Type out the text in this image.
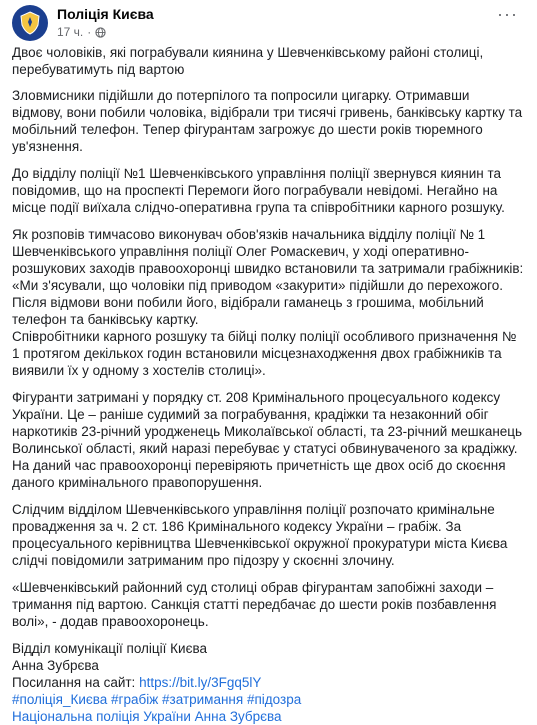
Поліція Києва
17 ч. ·
···

Двоє чоловіків, які пограбували киянина у Шевченківському районі столиці, перебуватимуть під вартою

Зловмисники підійшли до потерпілого та попросили цигарку. Отримавши відмову, вони побили чоловіка, відібрали три тисячі гривень, банківську картку та мобільний телефон. Тепер фігурантам загрожує до шести років тюремного ув'язнення.

До відділу поліції №1 Шевченківського управління поліції звернувся киянин та повідомив, що на проспекті Перемоги його пограбували невідомі. Негайно на місце події виїхала слідчо-оперативна група та співробітники карного розшуку.

Як розповів тимчасово виконувач обов'язків начальника відділу поліції № 1 Шевченківського управління поліції Олег Ромаскевич, у ході оперативно-розшукових заходів правоохоронці швидко встановили та затримали грабіжників:
«Ми з'ясували, що чоловіки під приводом «закурити» підійшли до перехожого. Після відмови вони побили його, відібрали гаманець з грошима, мобільний телефон та банківську картку.
Співробітники карного розшуку та бійці полку поліції особливого призначення № 1 протягом декількох годин встановили місцезнаходження двох грабіжників та виявили їх у одному з хостелів столиці».

Фігуранти затримані у порядку ст. 208 Кримінального процесуального кодексу України. Це – раніше судимий за пограбування, крадіжки та незаконний обіг наркотиків 23-річний уродженець Миколаївської області, та 23-річний мешканець Волинської області, який наразі перебуває у статусі обвинуваченого за крадіжку. На даний час правоохоронці перевіряють причетність ще двох осіб до скоєння даного кримінального правопорушення.

Слідчим відділом Шевченківського управління поліції розпочато кримінальне провадження за ч. 2 ст. 186 Кримінального кодексу України – грабіж. За процесуального керівництва Шевченківської окружної прокуратури міста Києва слідчі повідомили затриманим про підозру у скоєнні злочину.

«Шевченківський районний суд столиці обрав фігурантам запобіжні заходи – тримання під вартою. Санкція статті передбачає до шести років позбавлення волі», - додав правоохоронець.

Відділ комунікації поліції Києва

Анна Зубрєва

Посилання на сайт: https://bit.ly/3Fgq5lY

#поліція_Києва #грабіж #затримання #підозра

Національна поліція України Анна Зубрєва
